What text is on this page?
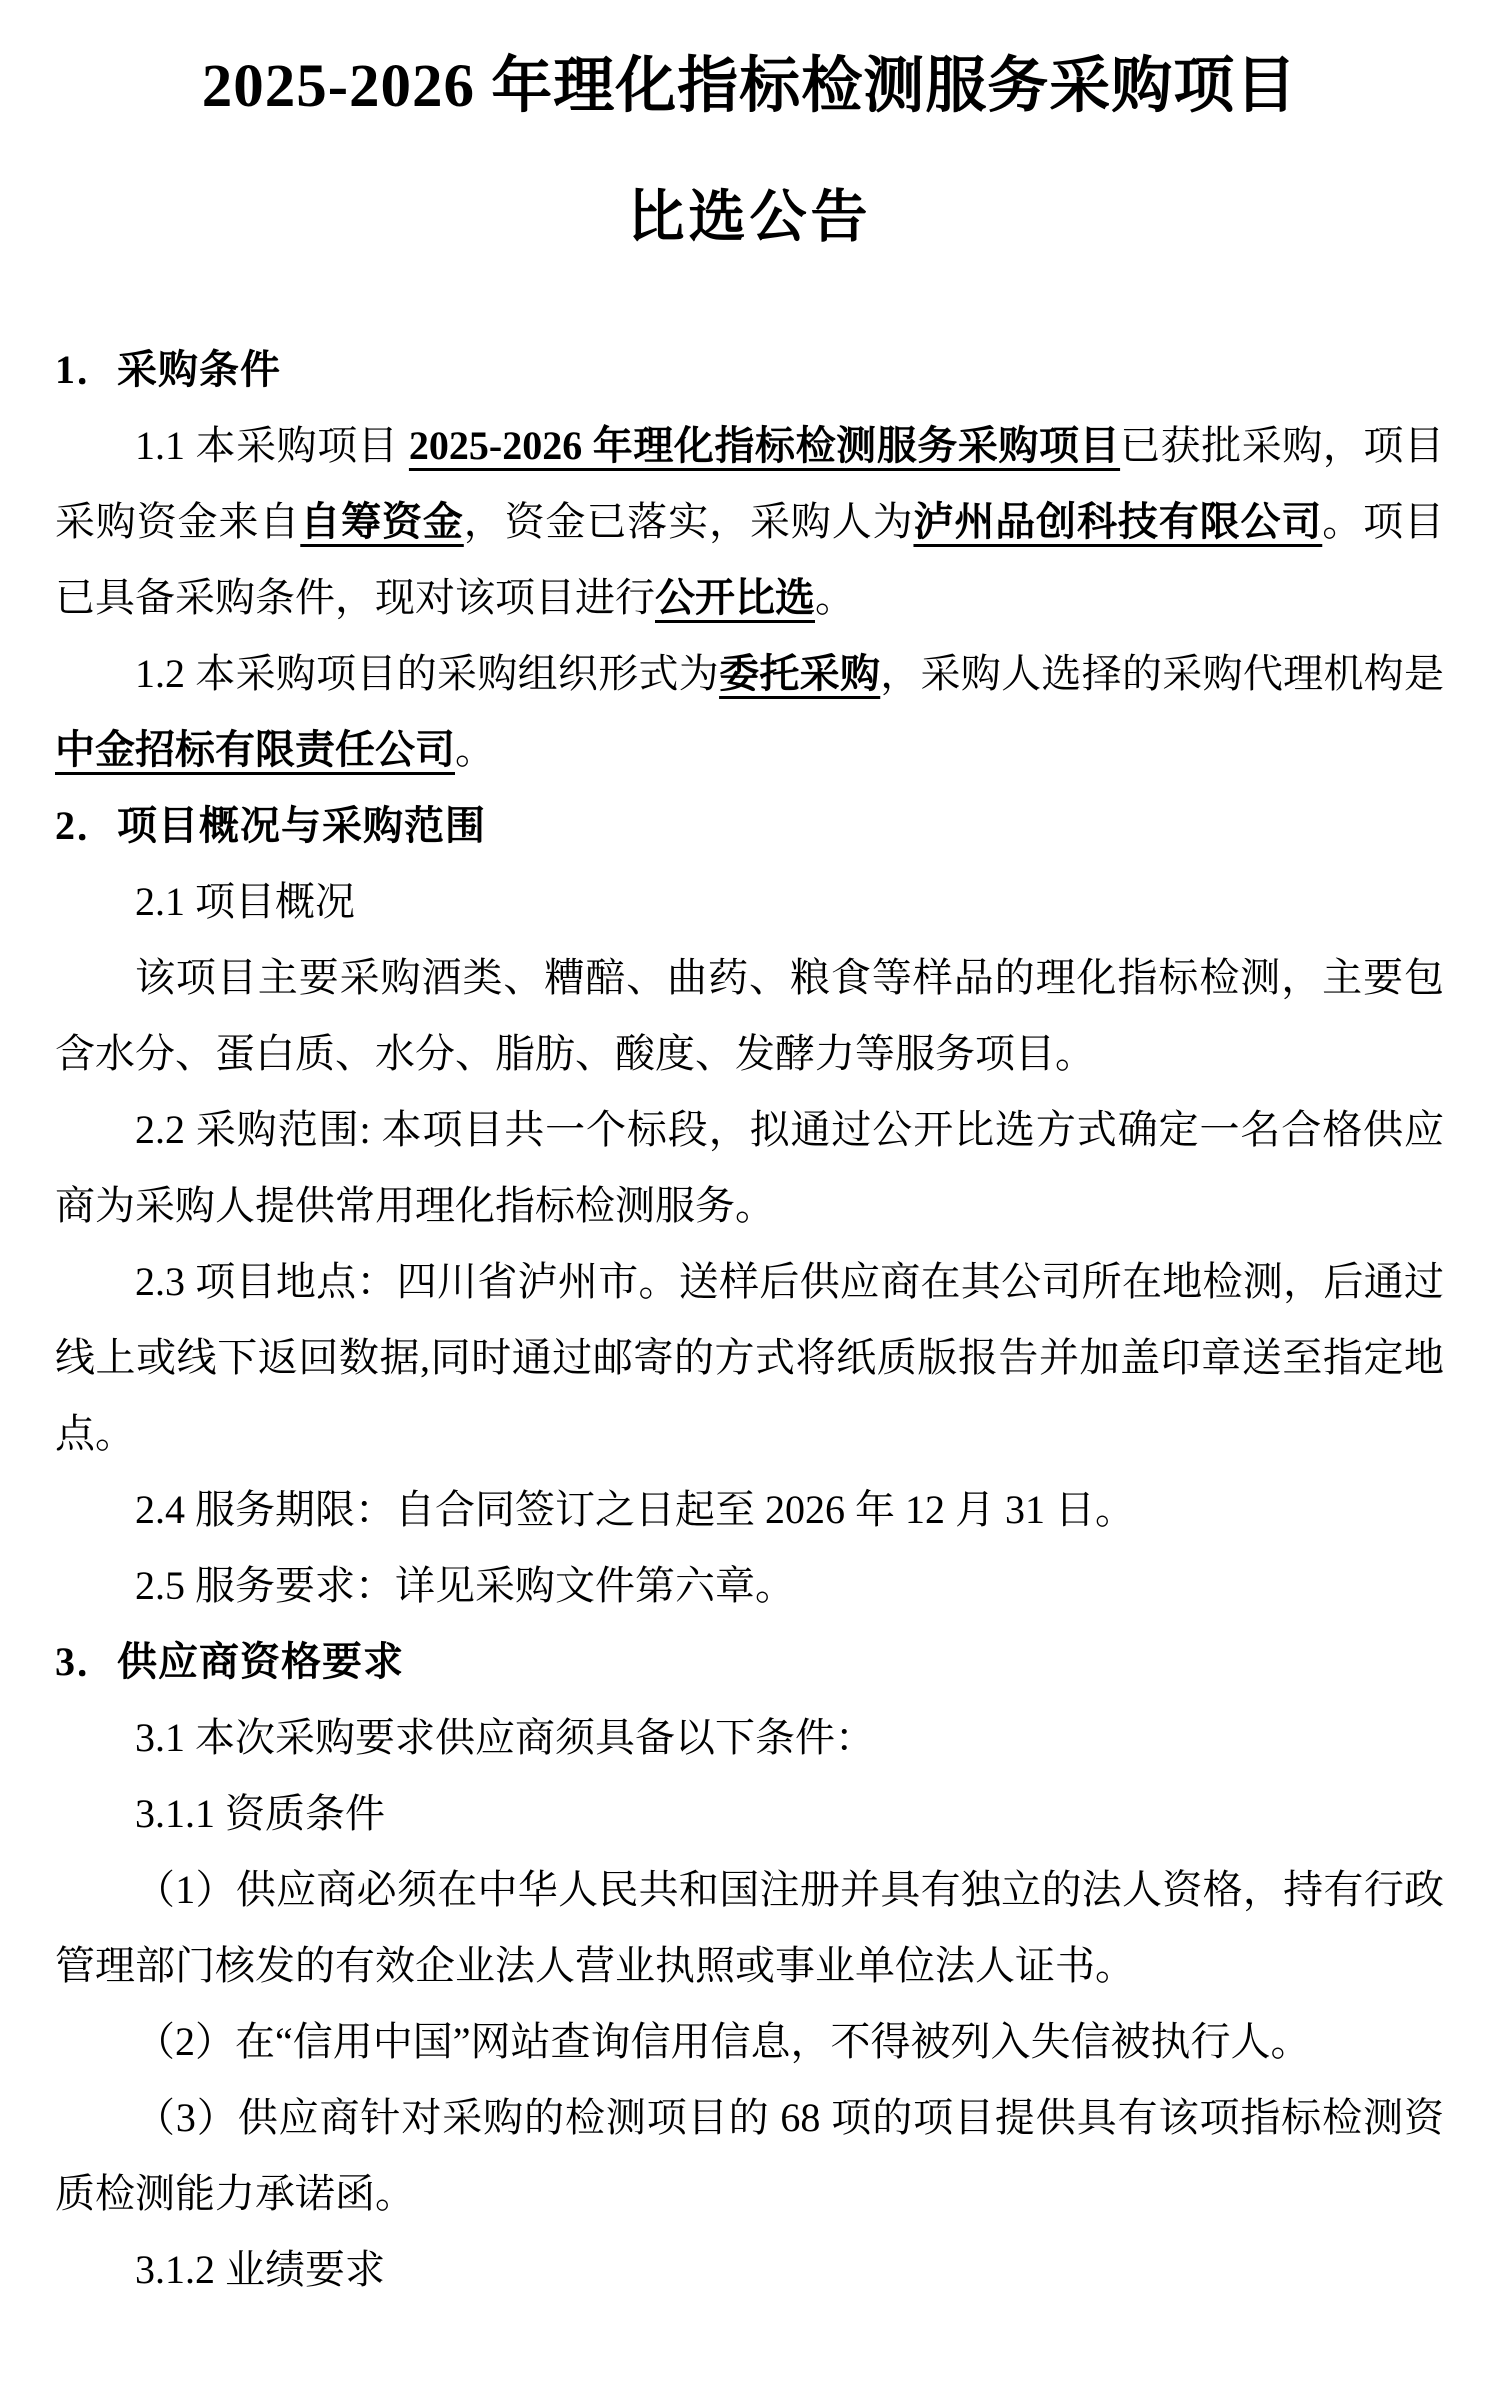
2025-2026 年理化指标检测服务采购项目
比选公告
1．采购条件
1.1 本采购项目 2025-2026 年理化指标检测服务采购项目已获批采购，项目采购资金来自自筹资金，资金已落实，采购人为泸州品创科技有限公司。项目已具备采购条件，现对该项目进行公开比选。
1.2 本采购项目的采购组织形式为委托采购，采购人选择的采购代理机构是中金招标有限责任公司。
2．项目概况与采购范围
2.1 项目概况
该项目主要采购酒类、糟醅、曲药、粮食等样品的理化指标检测，主要包含水分、蛋白质、水分、脂肪、酸度、发酵力等服务项目。
2.2 采购范围: 本项目共一个标段，拟通过公开比选方式确定一名合格供应商为采购人提供常用理化指标检测服务。
2.3 项目地点：四川省泸州市。送样后供应商在其公司所在地检测，后通过线上或线下返回数据,同时通过邮寄的方式将纸质版报告并加盖印章送至指定地点。
2.4 服务期限：自合同签订之日起至 2026 年 12 月 31 日。
2.5 服务要求：详见采购文件第六章。
3．供应商资格要求
3.1 本次采购要求供应商须具备以下条件：
3.1.1 资质条件
（1）供应商必须在中华人民共和国注册并具有独立的法人资格，持有行政管理部门核发的有效企业法人营业执照或事业单位法人证书。
（2）在“信用中国”网站查询信用信息，不得被列入失信被执行人。
（3）供应商针对采购的检测项目的 68 项的项目提供具有该项指标检测资质检测能力承诺函。
3.1.2 业绩要求
